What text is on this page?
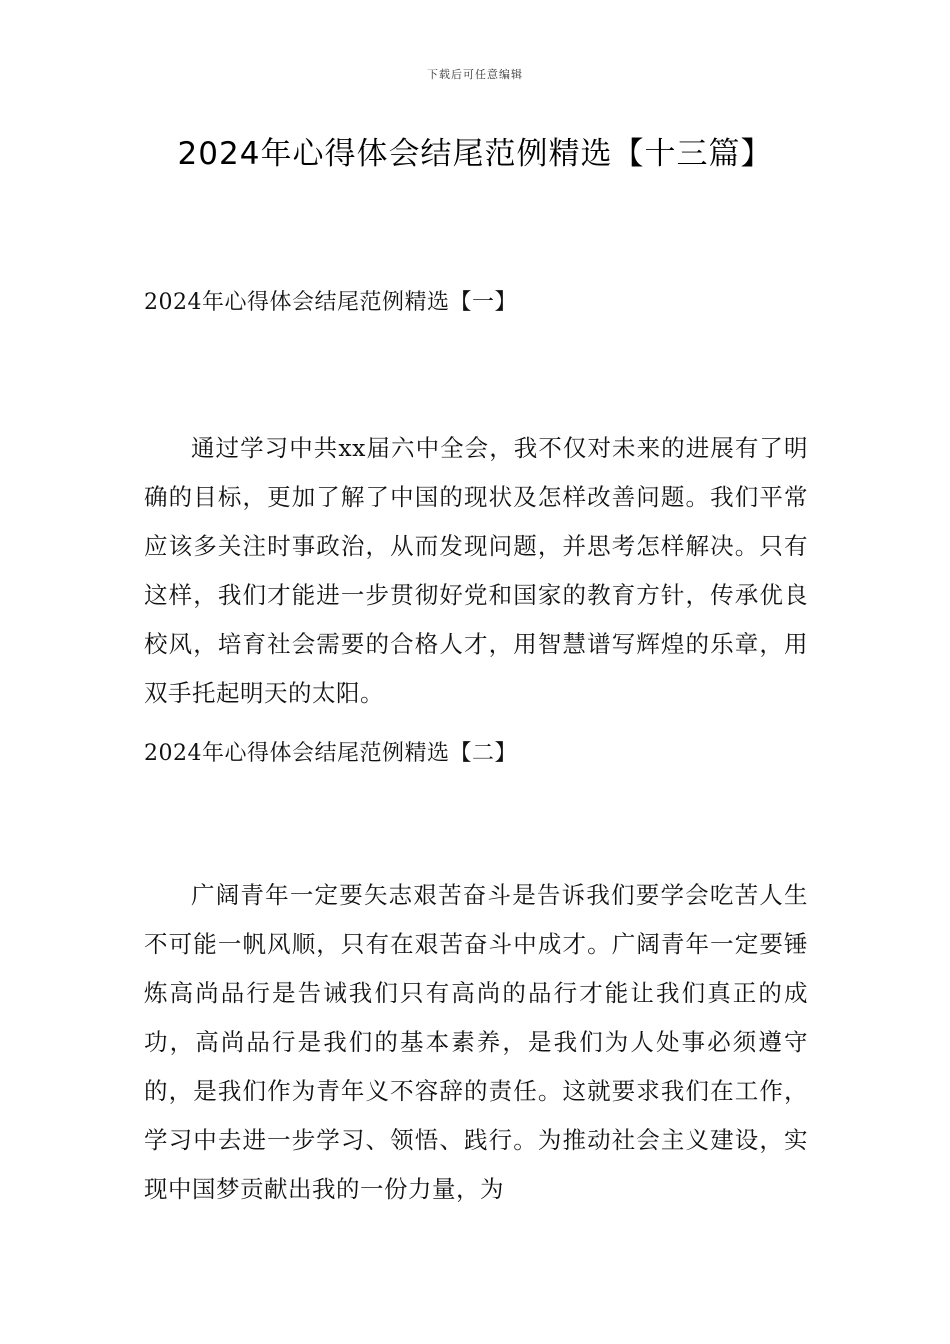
下载后可任意编辑
2024年心得体会结尾范例精选【十三篇】
2024年心得体会结尾范例精选【一】

通过学习中共xx届六中全会，我不仅对未来的进展有了明确的目标，更加了解了中国的现状及怎样改善问题。我们平常应该多关注时事政治，从而发现问题，并思考怎样解决。只有这样，我们才能进一步贯彻好党和国家的教育方针，传承优良校风，培育社会需要的合格人才，用智慧谱写辉煌的乐章，用双手托起明天的太阳。

2024年心得体会结尾范例精选【二】

广阔青年一定要矢志艰苦奋斗是告诉我们要学会吃苦人生不可能一帆风顺，只有在艰苦奋斗中成才。广阔青年一定要锤炼高尚品行是告诫我们只有高尚的品行才能让我们真正的成功，高尚品行是我们的基本素养，是我们为人处事必须遵守的，是我们作为青年义不容辞的责任。这就要求我们在工作，学习中去进一步学习、领悟、践行。为推动社会主义建设，实现中国梦贡献出我的一份力量，为
